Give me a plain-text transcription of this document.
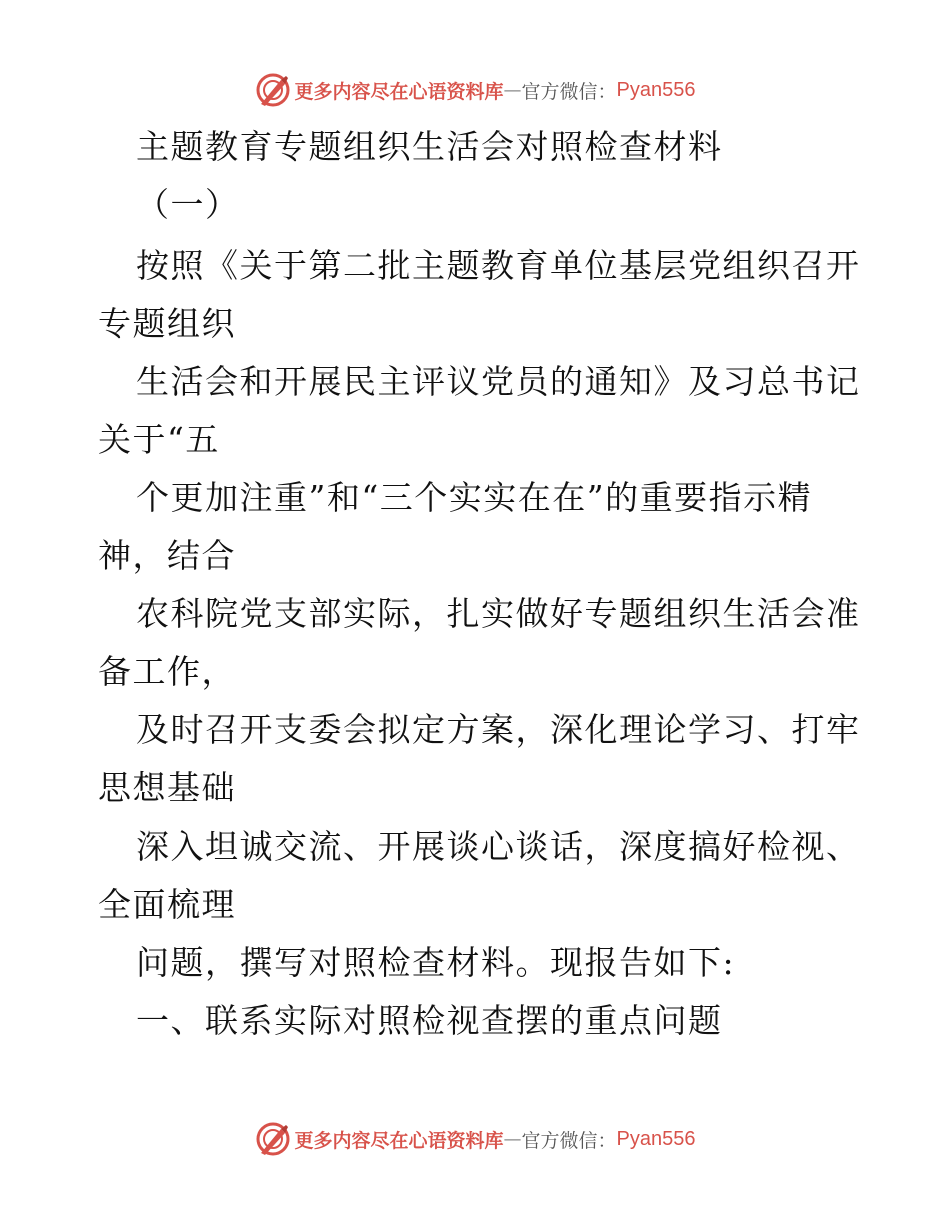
更多内容尽在心语资料库 — 官方微信： Pyan556
主题教育专题组织生活会对照检查材料
（一）
按照《关于第二批主题教育单位基层党组织召开
专题组织
生活会和开展民主评议党员的通知》及习总书记
关于“五
个更加注重”和“三个实实在在”的重要指示精
神，结合
农科院党支部实际，扎实做好专题组织生活会准
备工作，
及时召开支委会拟定方案，深化理论学习、打牢
思想基础
深入坦诚交流、开展谈心谈话，深度搞好检视、
全面梳理
问题，撰写对照检查材料。现报告如下:
一、联系实际对照检视查摆的重点问题
更多内容尽在心语资料库 — 官方微信： Pyan556
